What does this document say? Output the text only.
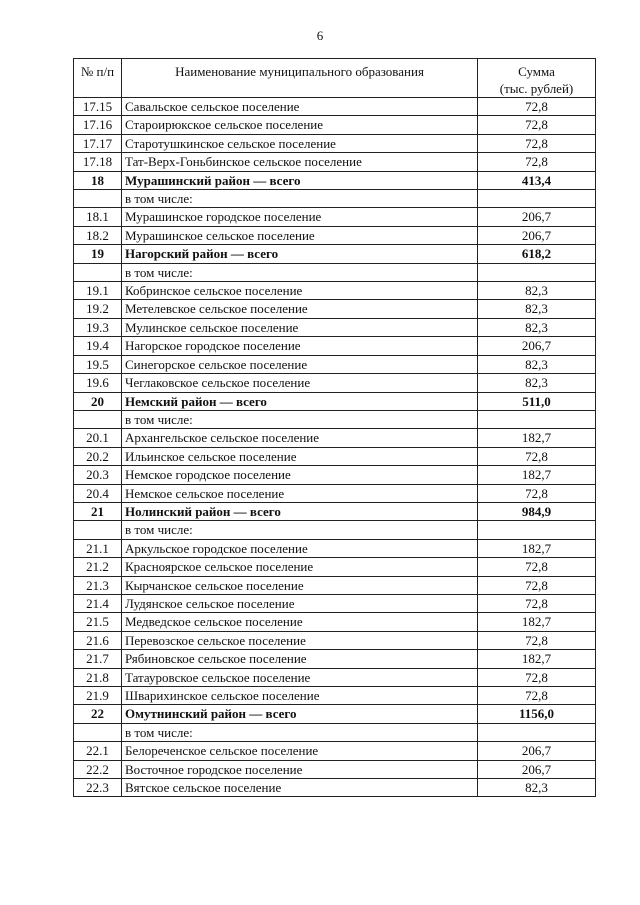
6
№ п/п	Наименование муниципального образования	Сумма
(тыс. рублей)

17.15	Савальское сельское поселение	72,8
17.16	Староирюкское сельское поселение	72,8
17.17	Старотушкинское сельское поселение	72,8
17.18	Тат-Верх-Гоньбинское сельское поселение	72,8
18	Мурашинский район — всего	413,4
	в том числе:	
18.1	Мурашинское городское поселение	206,7
18.2	Мурашинское сельское поселение	206,7
19	Нагорский район — всего	618,2
	в том числе:	
19.1	Кобринское сельское поселение	82,3
19.2	Метелевское сельское поселение	82,3
19.3	Мулинское сельское поселение	82,3
19.4	Нагорское городское поселение	206,7
19.5	Синегорское сельское поселение	82,3
19.6	Чеглаковское сельское поселение	82,3
20	Немский район — всего	511,0
	в том числе:	
20.1	Архангельское сельское поселение	182,7
20.2	Ильинское сельское поселение	72,8
20.3	Немское городское поселение	182,7
20.4	Немское сельское поселение	72,8
21	Нолинский район — всего	984,9
	в том числе:	
21.1	Аркульское городское поселение	182,7
21.2	Красноярское сельское поселение	72,8
21.3	Кырчанское сельское поселение	72,8
21.4	Лудянское сельское поселение	72,8
21.5	Медведское сельское поселение	182,7
21.6	Перевозское сельское поселение	72,8
21.7	Рябиновское сельское поселение	182,7
21.8	Татауровское сельское поселение	72,8
21.9	Шварихинское сельское поселение	72,8
22	Омутнинский район — всего	1156,0
	в том числе:	
22.1	Белореченское сельское поселение	206,7
22.2	Восточное городское поселение	206,7
22.3	Вятское сельское поселение	82,3
